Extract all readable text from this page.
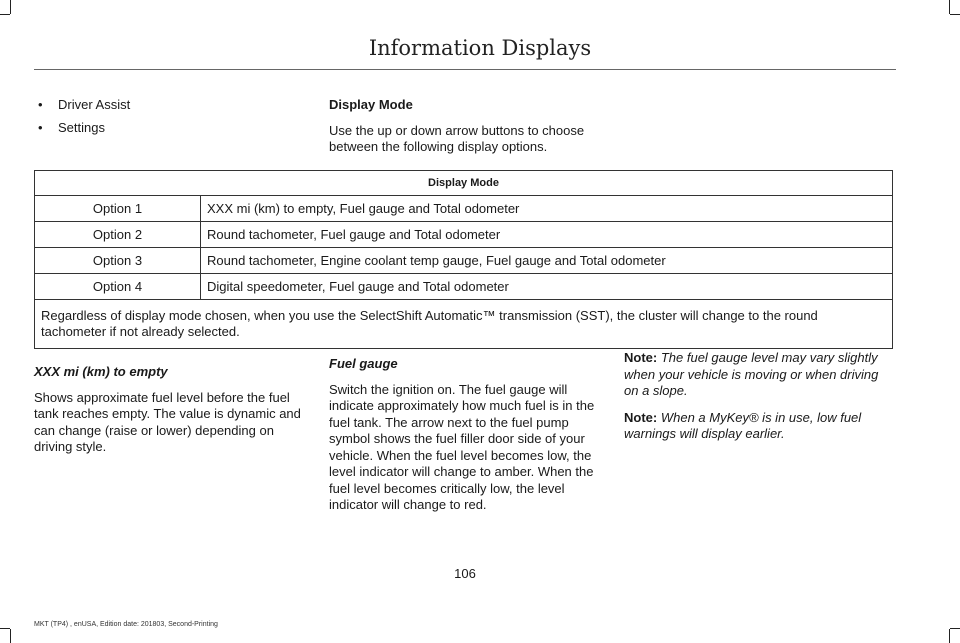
Information Displays
• Driver Assist
• Settings
Display Mode

Use the up or down arrow buttons to choose between the following display options.

Display Mode	
Option 1	XXX mi (km) to empty, Fuel gauge and Total odometer
Option 2	Round tachometer, Fuel gauge and Total odometer
Option 3	Round tachometer, Engine coolant temp gauge, Fuel gauge and Total odometer
Option 4	Digital speedometer, Fuel gauge and Total odometer
Regardless of display mode chosen, when you use the SelectShift Automatic™ transmission (SST), the cluster will change to the round tachometer if not already selected.	
XXX mi (km) to empty

Shows approximate fuel level before the fuel tank reaches empty. The value is dynamic and can change (raise or lower) depending on driving style.

Fuel gauge

Switch the ignition on. The fuel gauge will indicate approximately how much fuel is in the fuel tank. The arrow next to the fuel pump symbol shows the fuel filler door side of your vehicle. When the fuel level becomes low, the level indicator will change to amber. When the fuel level becomes critically low, the level indicator will change to red.

Note: The fuel gauge level may vary slightly when your vehicle is moving or when driving on a slope.
Note: When a MyKey® is in use, low fuel warnings will display earlier.
106
MKT (TP4) , enUSA, Edition date: 201803, Second-Printing
